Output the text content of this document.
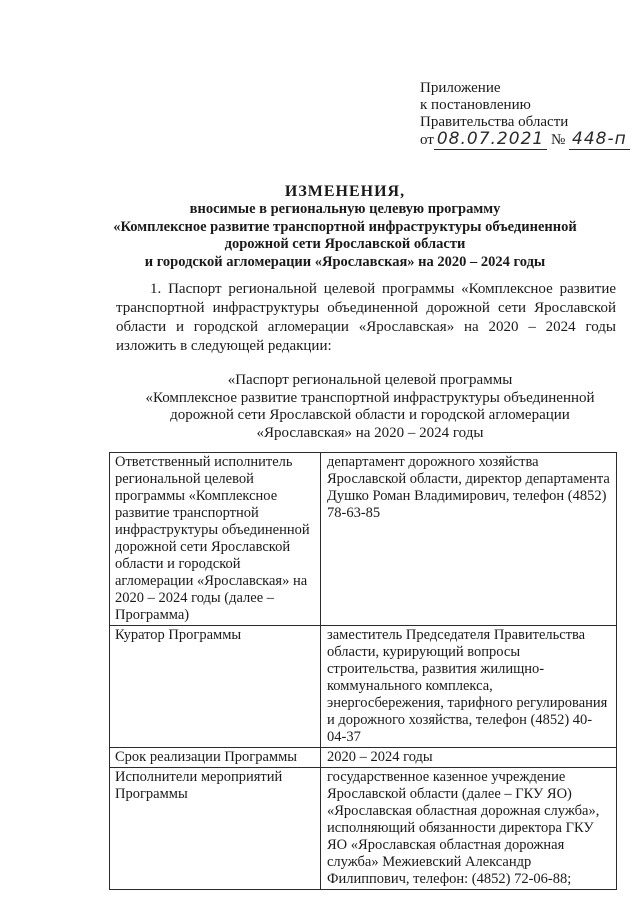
Приложение
к постановлению
Правительства области
от 08.07.2021 № 448-п
ИЗМЕНЕНИЯ,
вносимые в региональную целевую программу
«Комплексное развитие транспортной инфраструктуры объединенной
дорожной сети Ярославской области
и городской агломерации «Ярославская» на 2020 – 2024 годы
1. Паспорт региональной целевой программы «Комплексное развитие транспортной инфраструктуры объединенной дорожной сети Ярославской области и городской агломерации «Ярославская» на 2020 – 2024 годы изложить в следующей редакции:
«Паспорт региональной целевой программы
«Комплексное развитие транспортной инфраструктуры объединенной
дорожной сети Ярославской области и городской агломерации
«Ярославская» на 2020 – 2024 годы
Ответственный исполнитель региональной целевой программы «Комплексное развитие транспортной инфраструктуры объединенной дорожной сети Ярославской области и городской агломерации «Ярославская» на 2020 – 2024 годы (далее – Программа)	департамент дорожного хозяйства Ярославской области, директор департамента Душко Роман Владимирович, телефон (4852) 78-63-85
Куратор Программы	заместитель Председателя Правительства области, курирующий вопросы строительства, развития жилищно-коммунального комплекса, энергосбережения, тарифного регулирования и дорожного хозяйства, телефон (4852) 40-04-37
Срок реализации Программы	2020 – 2024 годы
Исполнители мероприятий Программы	государственное казенное учреждение Ярославской области (далее – ГКУ ЯО) «Ярославская областная дорожная служба», исполняющий обязанности директора ГКУ ЯО «Ярославская областная дорожная служба» Межиевский Александр Филиппович, телефон: (4852) 72-06-88;
